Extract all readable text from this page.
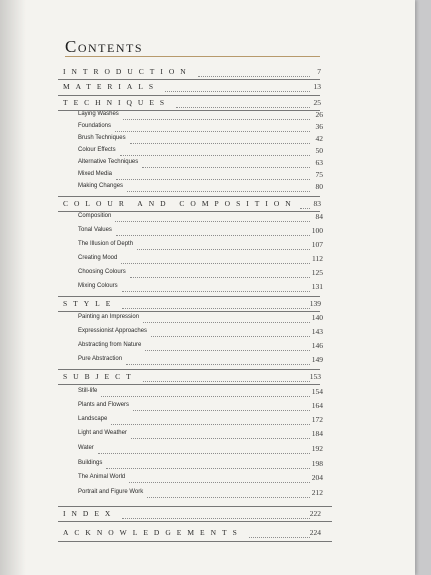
Contents
INTRODUCTION	7
MATERIALS	13
TECHNIQUES	25
Laying Washes	26
Foundations	36
Brush Techniques	42
Colour Effects	50
Alternative Techniques	63
Mixed Media	75
Making Changes	80
COLOUR AND COMPOSITION 83
Composition	84
Tonal Values	100
The Illusion of Depth	107
Creating Mood	112
Choosing Colours	125
Mixing Colours	131
STYLE	139
Painting an Impression	140
Expressionist Approaches	143
Abstracting from Nature	146
Pure Abstraction	149
SUBJECT	153
Still-life	154
Plants and Flowers	164
Landscape	172
Light and Weather	184
Water	192
Buildings	198
The Animal World	204
Portrait and Figure Work	212
INDEX	222
ACKNOWLEDGEMENTS	224
